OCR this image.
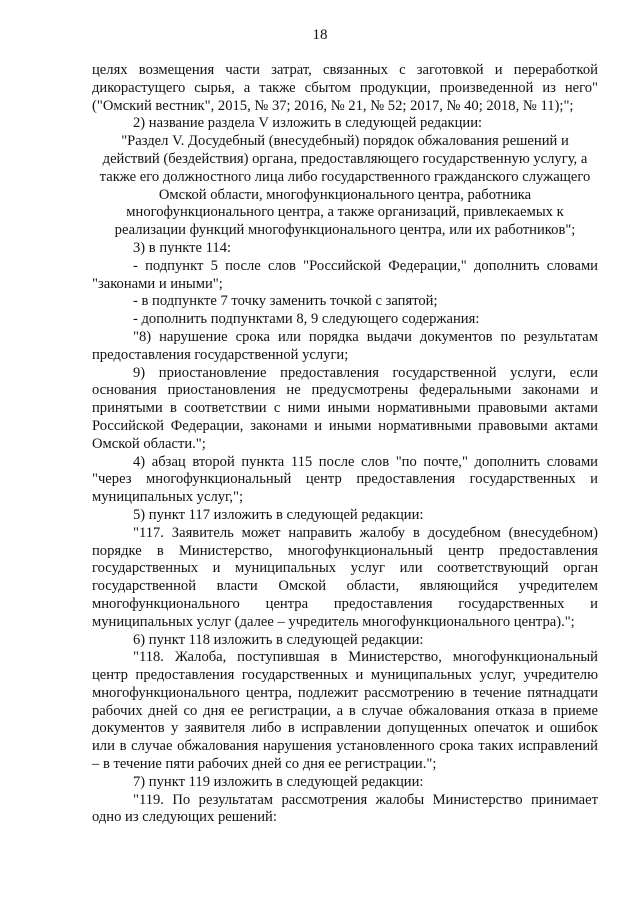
18

целях возмещения части затрат, связанных с заготовкой и переработкой дикорастущего сырья, а также сбытом продукции, произведенной из него" ("Омский вестник", 2015, № 37; 2016, № 21, № 52; 2017, № 40; 2018, № 11);";

2) название раздела V изложить в следующей редакции:

"Раздел V. Досудебный (внесудебный) порядок обжалования решений и действий (бездействия) органа, предоставляющего государственную услугу, а также его должностного лица либо государственного гражданского служащего Омской области, многофункционального центра, работника многофункционального центра, а также организаций, привлекаемых к реализации функций многофункционального центра, или их работников";

3) в пункте 114:

- подпункт 5 после слов "Российской Федерации," дополнить словами "законами и иными";

- в подпункте 7 точку заменить точкой с запятой;

- дополнить подпунктами 8, 9 следующего содержания:

"8) нарушение срока или порядка выдачи документов по результатам предоставления государственной услуги;

9) приостановление предоставления государственной услуги, если основания приостановления не предусмотрены федеральными законами и принятыми в соответствии с ними иными нормативными правовыми актами Российской Федерации, законами и иными нормативными правовыми актами Омской области.";

4) абзац второй пункта 115 после слов "по почте," дополнить словами "через многофункциональный центр предоставления государственных и муниципальных услуг,";

5) пункт 117 изложить в следующей редакции:

"117. Заявитель может направить жалобу в досудебном (внесудебном) порядке в Министерство, многофункциональный центр предоставления государственных и муниципальных услуг или соответствующий орган государственной власти Омской области, являющийся учредителем многофункционального центра предоставления государственных и муниципальных услуг (далее – учредитель многофункционального центра).";

6) пункт 118 изложить в следующей редакции:

"118. Жалоба, поступившая в Министерство, многофункциональный центр предоставления государственных и муниципальных услуг, учредителю многофункционального центра, подлежит рассмотрению в течение пятнадцати рабочих дней со дня ее регистрации, а в случае обжалования отказа в приеме документов у заявителя либо в исправлении допущенных опечаток и ошибок или в случае обжалования нарушения установленного срока таких исправлений – в течение пяти рабочих дней со дня ее регистрации.";

7) пункт 119 изложить в следующей редакции:

"119. По результатам рассмотрения жалобы Министерство принимает одно из следующих решений:
